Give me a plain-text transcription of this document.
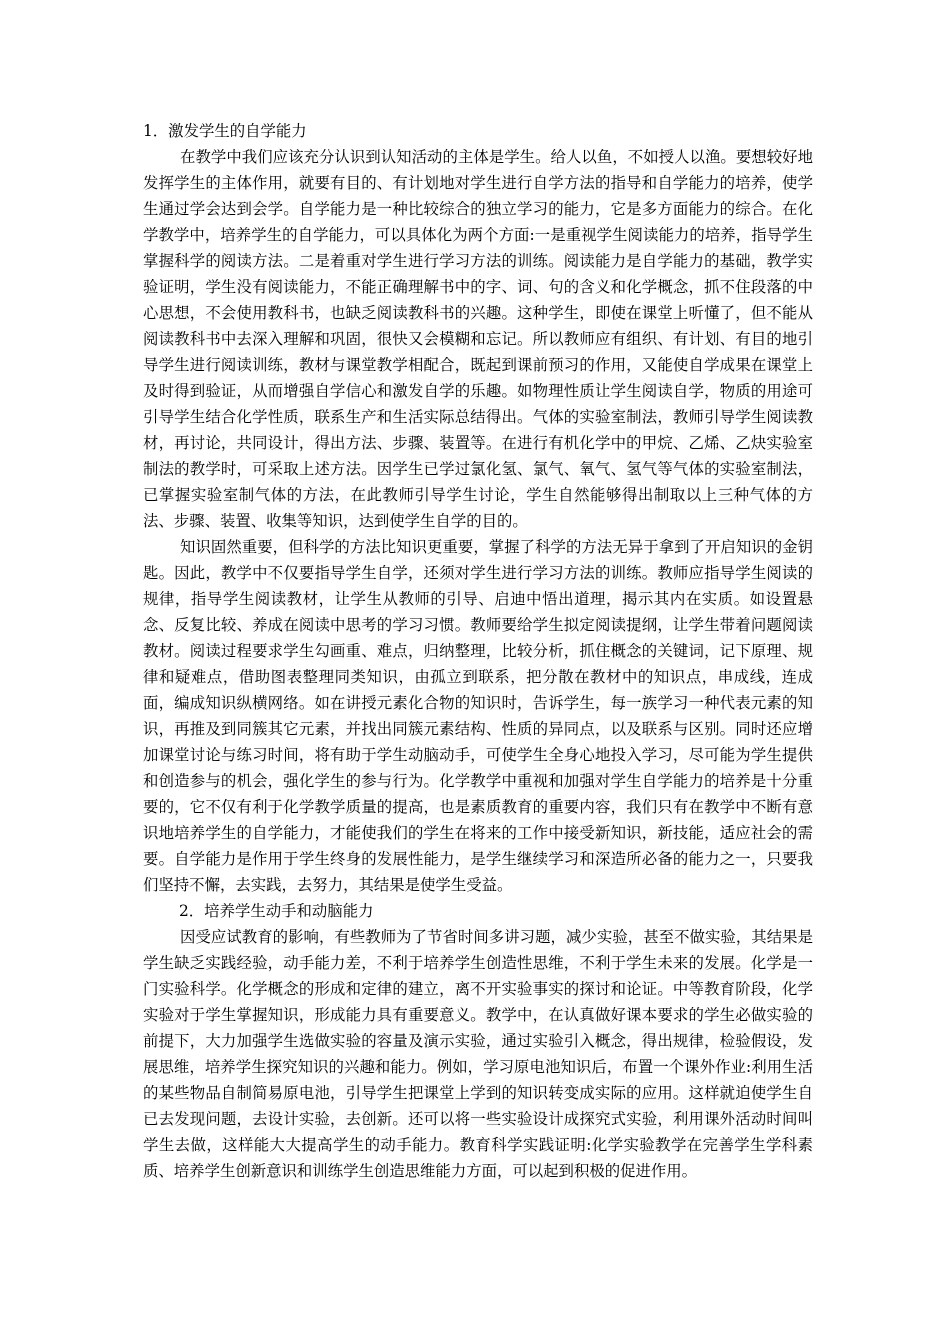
1．激发学生的自学能力

在教学中我们应该充分认识到认知活动的主体是学生。给人以鱼，不如授人以渔。要想较好地发挥学生的主体作用，就要有目的、有计划地对学生进行自学方法的指导和自学能力的培养，使学生通过学会达到会学。自学能力是一种比较综合的独立学习的能力，它是多方面能力的综合。在化学教学中，培养学生的自学能力，可以具体化为两个方面:一是重视学生阅读能力的培养，指导学生掌握科学的阅读方法。二是着重对学生进行学习方法的训练。阅读能力是自学能力的基础，教学实验证明，学生没有阅读能力，不能正确理解书中的字、词、句的含义和化学概念，抓不住段落的中心思想，不会使用教科书，也缺乏阅读教科书的兴趣。这种学生，即使在课堂上听懂了，但不能从阅读教科书中去深入理解和巩固，很快又会模糊和忘记。所以教师应有组织、有计划、有目的地引导学生进行阅读训练，教材与课堂教学相配合，既起到课前预习的作用，又能使自学成果在课堂上及时得到验证，从而增强自学信心和激发自学的乐趣。如物理性质让学生阅读自学，物质的用途可引导学生结合化学性质，联系生产和生活实际总结得出。气体的实验室制法，教师引导学生阅读教材，再讨论，共同设计，得出方法、步骤、装置等。在进行有机化学中的甲烷、乙烯、乙炔实验室制法的教学时，可采取上述方法。因学生已学过氯化氢、氯气、氧气、氢气等气体的实验室制法，已掌握实验室制气体的方法，在此教师引导学生讨论，学生自然能够得出制取以上三种气体的方法、步骤、装置、收集等知识，达到使学生自学的目的。

知识固然重要，但科学的方法比知识更重要，掌握了科学的方法无异于拿到了开启知识的金钥匙。因此，教学中不仅要指导学生自学，还须对学生进行学习方法的训练。教师应指导学生阅读的规律，指导学生阅读教材，让学生从教师的引导、启迪中悟出道理，揭示其内在实质。如设置悬念、反复比较、养成在阅读中思考的学习习惯。教师要给学生拟定阅读提纲，让学生带着问题阅读教材。阅读过程要求学生勾画重、难点，归纳整理，比较分析，抓住概念的关键词，记下原理、规律和疑难点，借助图表整理同类知识，由孤立到联系，把分散在教材中的知识点，串成线，连成面，编成知识纵横网络。如在讲授元素化合物的知识时，告诉学生，每一族学习一种代表元素的知识，再推及到同簇其它元素，并找出同簇元素结构、性质的异同点，以及联系与区别。同时还应增加课堂讨论与练习时间，将有助于学生动脑动手，可使学生全身心地投入学习，尽可能为学生提供和创造参与的机会，强化学生的参与行为。化学教学中重视和加强对学生自学能力的培养是十分重要的，它不仅有利于化学教学质量的提高，也是素质教育的重要内容，我们只有在教学中不断有意识地培养学生的自学能力，才能使我们的学生在将来的工作中接受新知识，新技能，适应社会的需要。自学能力是作用于学生终身的发展性能力，是学生继续学习和深造所必备的能力之一，只要我们坚持不懈，去实践，去努力，其结果是使学生受益。

2．培养学生动手和动脑能力

因受应试教育的影响，有些教师为了节省时间多讲习题，减少实验，甚至不做实验，其结果是学生缺乏实践经验，动手能力差，不利于培养学生创造性思维，不利于学生未来的发展。化学是一门实验科学。化学概念的形成和定律的建立，离不开实验事实的探讨和论证。中等教育阶段，化学实验对于学生掌握知识，形成能力具有重要意义。教学中，在认真做好课本要求的学生必做实验的前提下，大力加强学生选做实验的容量及演示实验，通过实验引入概念，得出规律，检验假设，发展思维，培养学生探究知识的兴趣和能力。例如，学习原电池知识后，布置一个课外作业:利用生活的某些物品自制简易原电池，引导学生把课堂上学到的知识转变成实际的应用。这样就迫使学生自已去发现问题，去设计实验，去创新。还可以将一些实验设计成探究式实验，利用课外活动时间叫学生去做，这样能大大提高学生的动手能力。教育科学实践证明:化学实验教学在完善学生学科素质、培养学生创新意识和训练学生创造思维能力方面，可以起到积极的促进作用。
